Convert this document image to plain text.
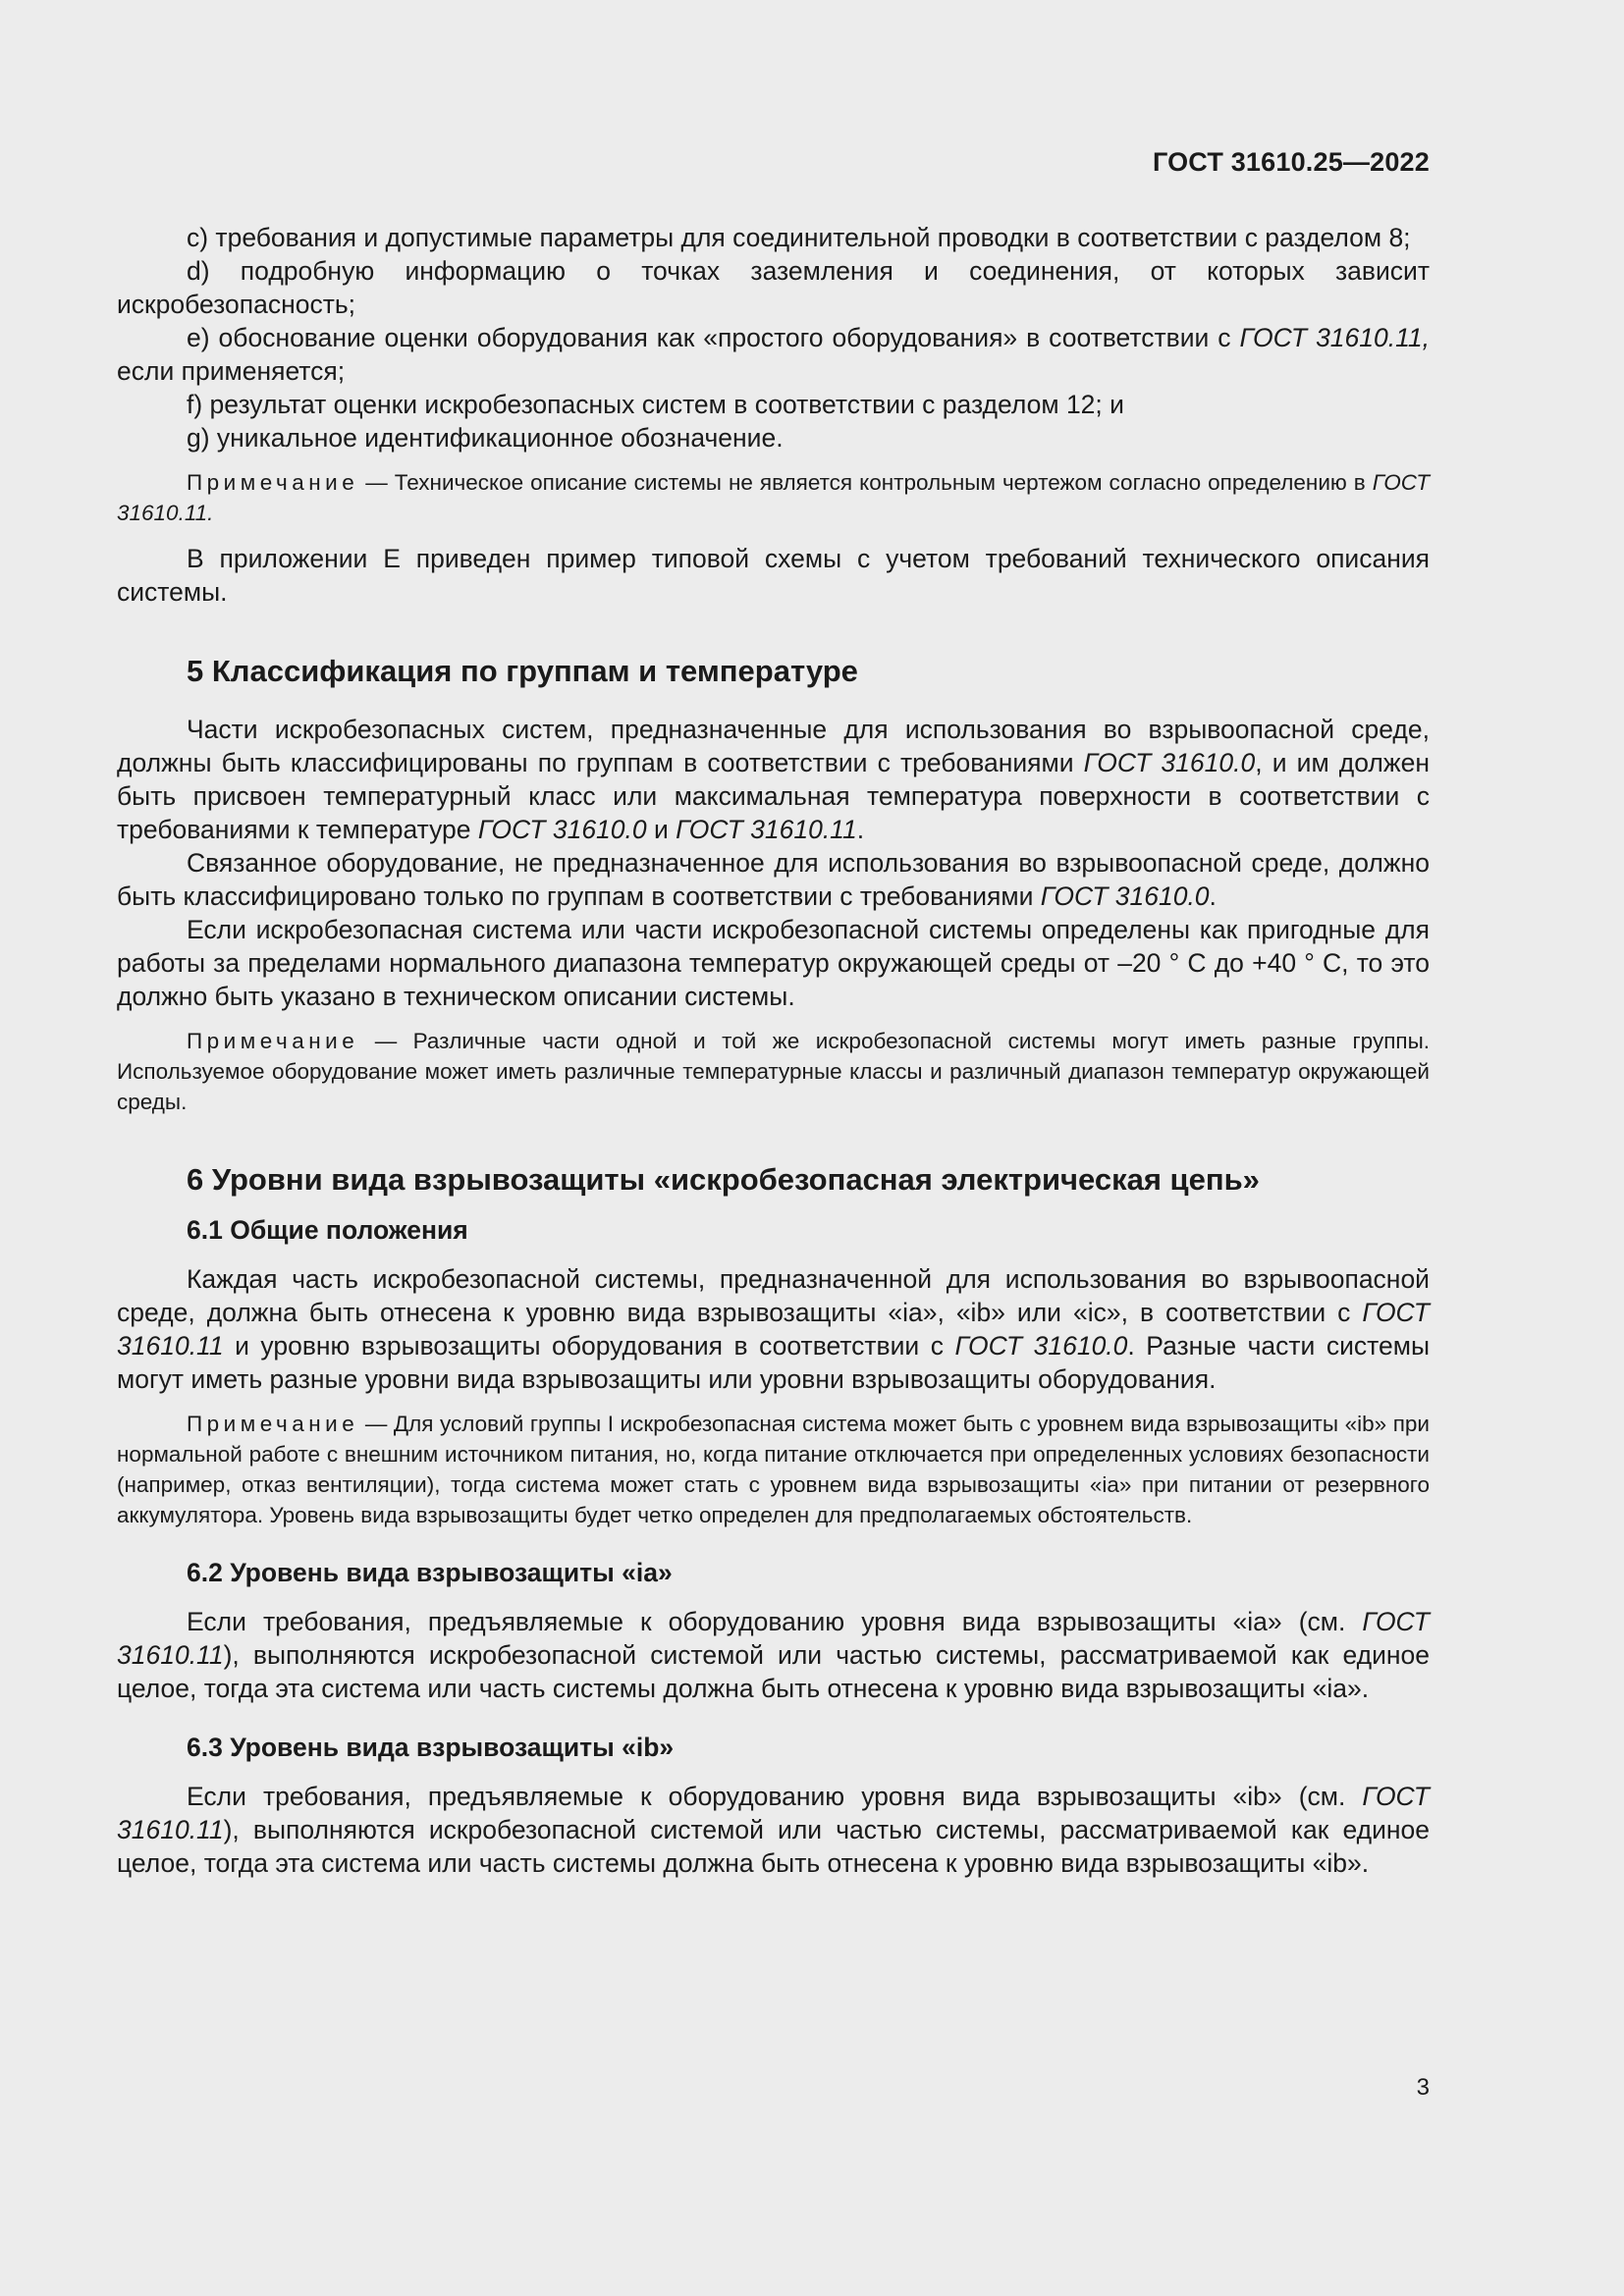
ГОСТ 31610.25—2022

c) требования и допустимые параметры для соединительной проводки в соответствии с разделом 8;

d) подробную информацию о точках заземления и соединения, от которых зависит искробезопасность;

e) обоснование оценки оборудования как «простого оборудования» в соответствии с ГОСТ 31610.11, если применяется;

f) результат оценки искробезопасных систем в соответствии с разделом 12; и

g) уникальное идентификационное обозначение.

Примечание — Техническое описание системы не является контрольным чертежом согласно определению в ГОСТ 31610.11.

В приложении Е приведен пример типовой схемы с учетом требований технического описания системы.

5 Классификация по группам и температуре

Части искробезопасных систем, предназначенные для использования во взрывоопасной среде, должны быть классифицированы по группам в соответствии с требованиями ГОСТ 31610.0, и им должен быть присвоен температурный класс или максимальная температура поверхности в соответствии с требованиями к температуре ГОСТ 31610.0 и ГОСТ 31610.11.

Связанное оборудование, не предназначенное для использования во взрывоопасной среде, должно быть классифицировано только по группам в соответствии с требованиями ГОСТ 31610.0.

Если искробезопасная система или части искробезопасной системы определены как пригодные для работы за пределами нормального диапазона температур окружающей среды от –20 ° С до +40 ° С, то это должно быть указано в техническом описании системы.

Примечание — Различные части одной и той же искробезопасной системы могут иметь разные группы. Используемое оборудование может иметь различные температурные классы и различный диапазон температур окружающей среды.
6 Уровни вида взрывозащиты «искробезопасная электрическая цепь»
6.1 Общие положения

Каждая часть искробезопасной системы, предназначенной для использования во взрывоопасной среде, должна быть отнесена к уровню вида взрывозащиты «ia», «ib» или «ic», в соответствии с ГОСТ 31610.11 и уровню взрывозащиты оборудования в соответствии с ГОСТ 31610.0. Разные части системы могут иметь разные уровни вида взрывозащиты или уровни взрывозащиты оборудования.

Примечание — Для условий группы I искробезопасная система может быть с уровнем вида взрывозащиты «ib» при нормальной работе с внешним источником питания, но, когда питание отключается при определенных условиях безопасности (например, отказ вентиляции), тогда система может стать с уровнем вида взрывозащиты «ia» при питании от резервного аккумулятора. Уровень вида взрывозащиты будет четко определен для предполагаемых обстоятельств.
6.2 Уровень вида взрывозащиты «ia»

Если требования, предъявляемые к оборудованию уровня вида взрывозащиты «ia» (см. ГОСТ 31610.11), выполняются искробезопасной системой или частью системы, рассматриваемой как единое целое, тогда эта система или часть системы должна быть отнесена к уровню вида взрывозащиты «ia».

6.3 Уровень вида взрывозащиты «ib»

Если требования, предъявляемые к оборудованию уровня вида взрывозащиты «ib» (см. ГОСТ 31610.11), выполняются искробезопасной системой или частью системы, рассматриваемой как единое целое, тогда эта система или часть системы должна быть отнесена к уровню вида взрывозащиты «ib».

3
